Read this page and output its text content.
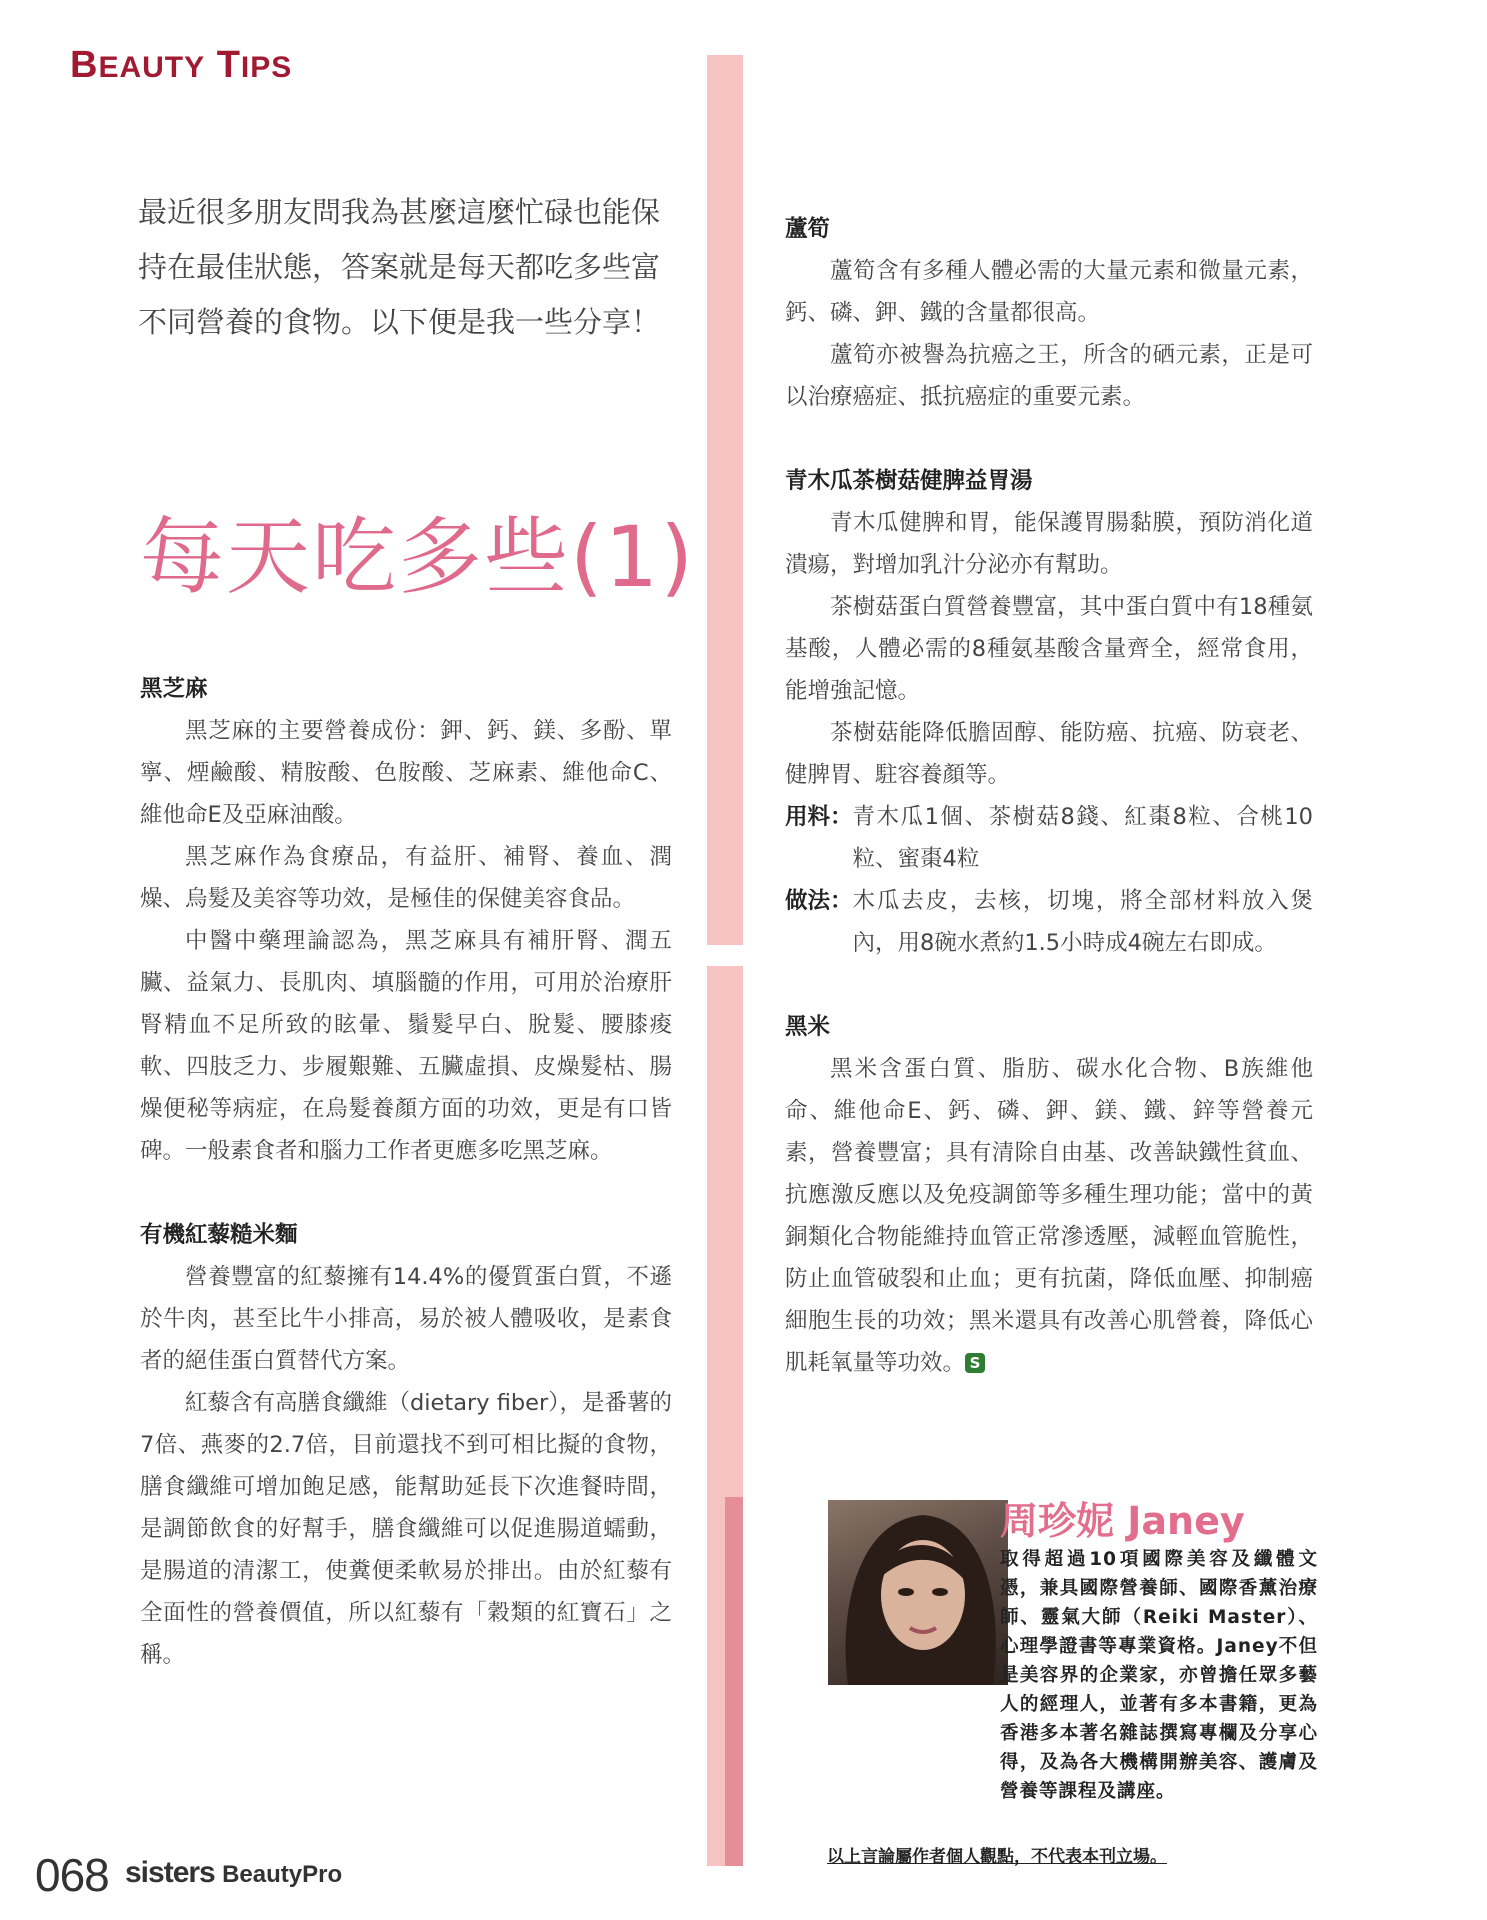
BEAUTY TIPS
最近很多朋友問我為甚麼這麼忙碌也能保持在最佳狀態，答案就是每天都吃多些富不同營養的食物。以下便是我一些分享！
每天吃多些(1)
黑芝麻

黑芝麻的主要營養成份：鉀、鈣、鎂、多酚、單寧、煙鹼酸、精胺酸、色胺酸、芝麻素、維他命C、維他命E及亞麻油酸。

黑芝麻作為食療品，有益肝、補腎、養血、潤燥、烏髮及美容等功效，是極佳的保健美容食品。

中醫中藥理論認為，黑芝麻具有補肝腎、潤五臟、益氣力、長肌肉、填腦髓的作用，可用於治療肝腎精血不足所致的眩暈、鬚髮早白、脫髮、腰膝痠軟、四肢乏力、步履艱難、五臟虛損、皮燥髮枯、腸燥便秘等病症，在烏髮養顏方面的功效，更是有口皆碑。一般素食者和腦力工作者更應多吃黑芝麻。

有機紅藜糙米麵

營養豐富的紅藜擁有14.4%的優質蛋白質，不遜於牛肉，甚至比牛小排高，易於被人體吸收，是素食者的絕佳蛋白質替代方案。

紅藜含有高膳食纖維（dietary fiber），是番薯的7倍、燕麥的2.7倍，目前還找不到可相比擬的食物，膳食纖維可增加飽足感，能幫助延長下次進餐時間，是調節飲食的好幫手，膳食纖維可以促進腸道蠕動，是腸道的清潔工，使糞便柔軟易於排出。由於紅藜有全面性的營養價值，所以紅藜有「穀類的紅寶石」之稱。

蘆筍

蘆筍含有多種人體必需的大量元素和微量元素，鈣、磷、鉀、鐵的含量都很高。

蘆筍亦被譽為抗癌之王，所含的硒元素，正是可以治療癌症、抵抗癌症的重要元素。

青木瓜茶樹菇健脾益胃湯

青木瓜健脾和胃，能保護胃腸黏膜，預防消化道潰瘍，對增加乳汁分泌亦有幫助。

茶樹菇蛋白質營養豐富，其中蛋白質中有18種氨基酸，人體必需的8種氨基酸含量齊全，經常食用，能增強記憶。

茶樹菇能降低膽固醇、能防癌、抗癌、防衰老、健脾胃、駐容養顏等。

用料： 青木瓜1個、茶樹菇8錢、紅棗8粒、合桃10粒、蜜棗4粒
做法： 木瓜去皮，去核，切塊，將全部材料放入煲內，用8碗水煮約1.5小時成4碗左右即成。
黑米

黑米含蛋白質、脂肪、碳水化合物、B族維他命、維他命E、鈣、磷、鉀、鎂、鐵、鋅等營養元素，營養豐富；具有清除自由基、改善缺鐵性貧血、抗應激反應以及免疫調節等多種生理功能；當中的黃銅類化合物能維持血管正常滲透壓，減輕血管脆性，防止血管破裂和止血；更有抗菌，降低血壓、抑制癌細胞生長的功效；黑米還具有改善心肌營養，降低心肌耗氧量等功效。 S

周珍妮 Janey
取得超過10項國際美容及纖體文憑，兼具國際營養師、國際香薰治療師、靈氣大師（Reiki Master）、心理學證書等專業資格。Janey不但是美容界的企業家，亦曾擔任眾多藝人的經理人，並著有多本書籍，更為香港多本著名雜誌撰寫專欄及分享心得，及為各大機構開辦美容、護膚及營養等課程及講座。
以上言論屬作者個人觀點，不代表本刊立場。
068 sisters BeautyPro
